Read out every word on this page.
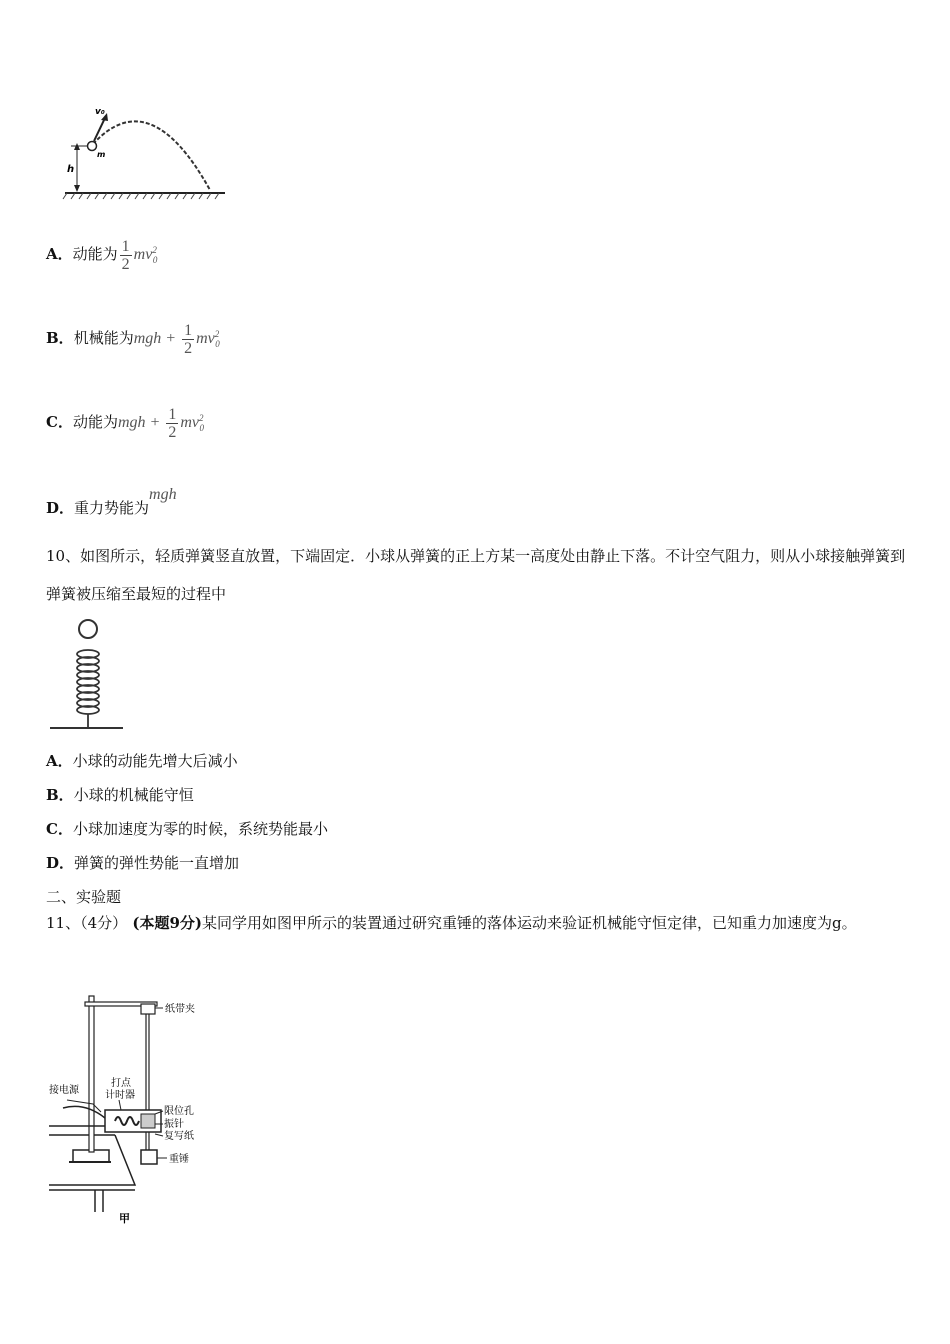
h
v₀
m
A．动能为 $\frac{1}{2} mv^2_0$
B．机械能为mgh + $\frac{1}{2} mv^2_0$
C．动能为mgh + $\frac{1}{2} mv^2_0$
D．重力势能为mgh
10、如图所示，轻质弹簧竖直放置，下端固定．小球从弹簧的正上方某一高度处由静止下落。不计空气阻力，则从小球接触弹簧到弹簧被压缩至最短的过程中
A．小球的动能先增大后减小
B．小球的机械能守恒
C．小球加速度为零的时候，系统势能最小
D．弹簧的弹性势能一直增加
二、实验题
11、（4分） (本题9分)某同学用如图甲所示的装置通过研究重锤的落体运动来验证机械能守恒定律，已知重力加速度为g。
纸带夹
接电源
打点
计时器
限位孔
振针
复写纸
重锤
甲
